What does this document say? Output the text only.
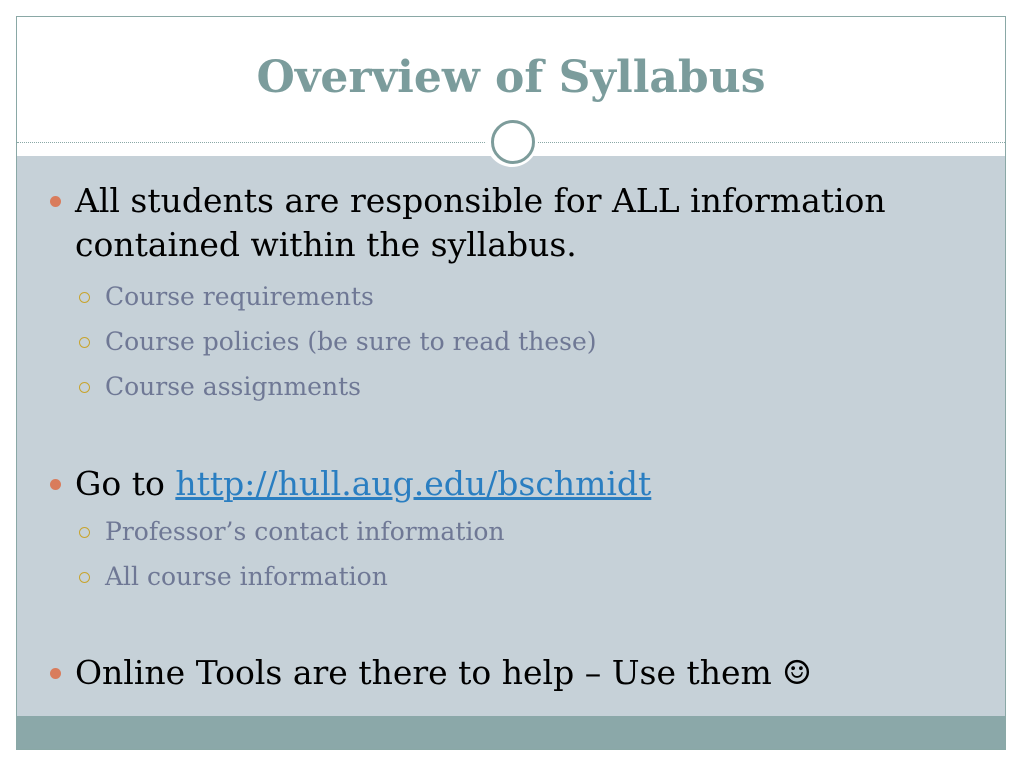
Overview of Syllabus

All students are responsible for ALL information contained within the syllabus.

Course requirements

Course policies (be sure to read these)

Course assignments

Go to http://hull.aug.edu/bschmidt

Professor’s contact information

All course information

Online Tools are there to help – Use them ☺
